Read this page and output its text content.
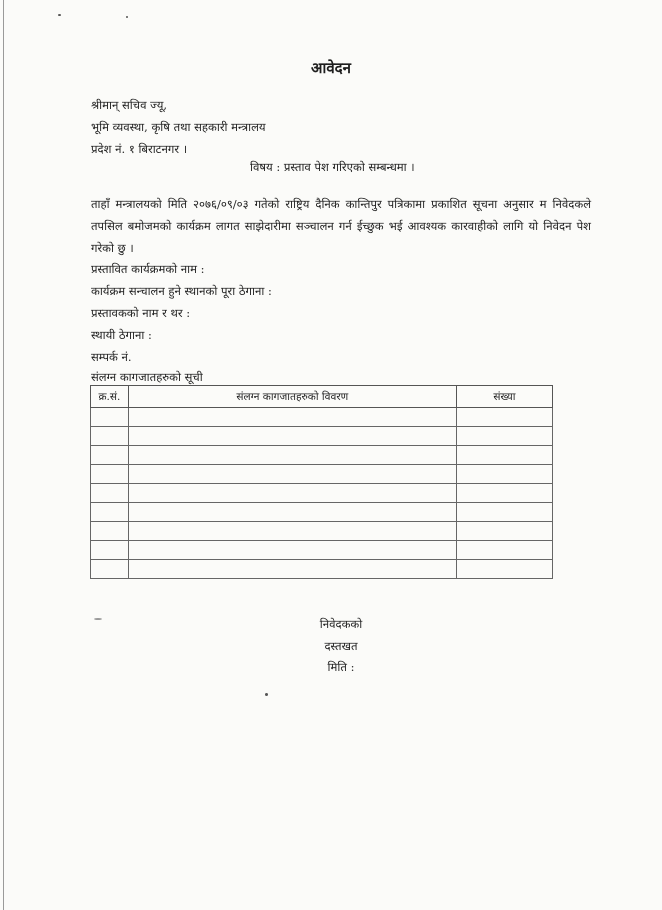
आवेदन
श्रीमान् सचिव ज्यू,
भूमि व्यवस्था, कृषि तथा सहकारी मन्त्रालय
प्रदेश नं. १ बिराटनगर ।
विषय : प्रस्ताव पेश गरिएको सम्बन्धमा ।
ताहाँ मन्त्रालयको मिति २०७६/०९/०३ गतेको राष्ट्रिय दैनिक कान्तिपुर पत्रिकामा प्रकाशित सूचना अनुसार म निवेदकले तपसिल बमोजमको कार्यक्रम लागत साझेदारीमा सञ्चालन गर्न ईच्छुक भई आवश्यक कारवाहीको लागि यो निवेदन पेश गरेको छु ।
प्रस्तावित कार्यक्रमको नाम :
कार्यक्रम सन्चालन हुने स्थानको पूरा ठेगाना :
प्रस्तावकको नाम र थर :
स्थायी ठेगाना :
सम्पर्क नं.
संलग्न कागजातहरुको सूची
क्र.सं.	संलग्न कागजातहरुको विवरण	संख्या

निवेदकको
दस्तखत
मिति :
